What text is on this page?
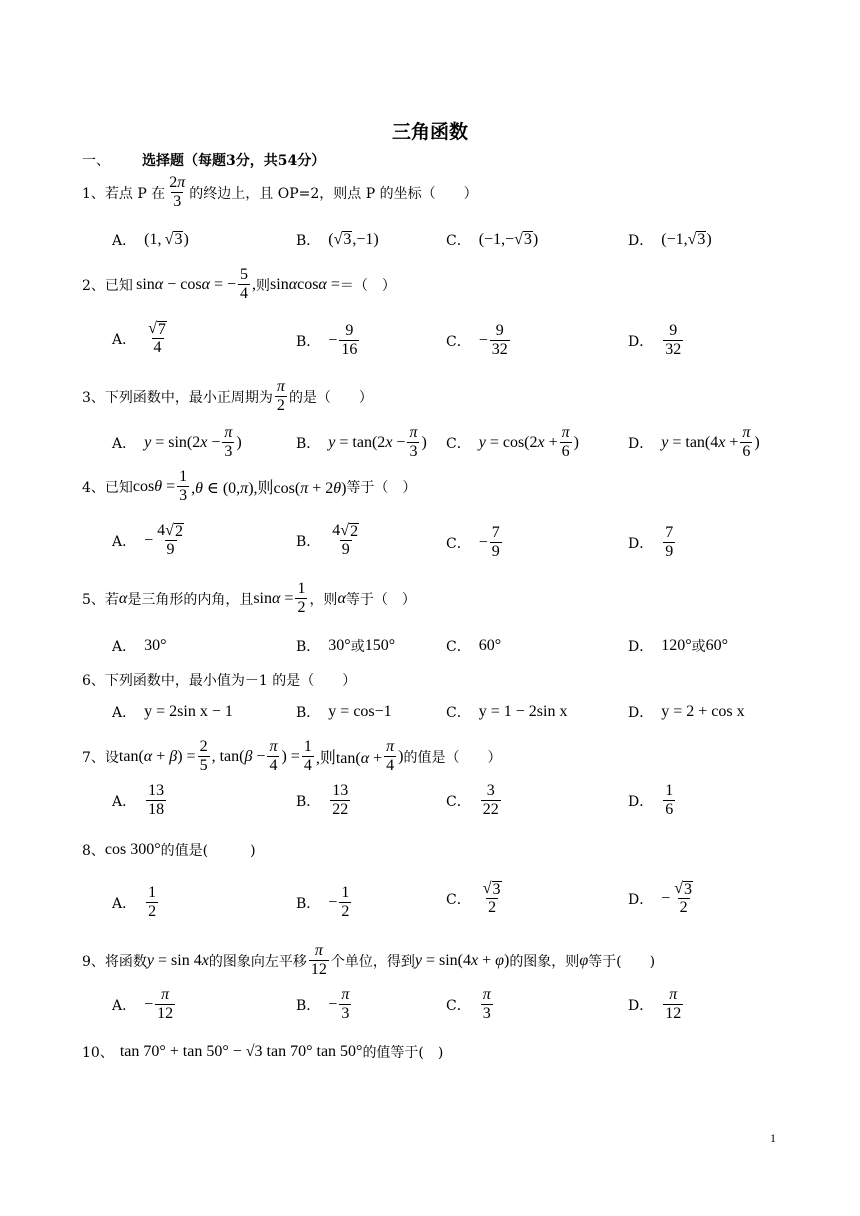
三角函数
一、 选择题（每题3分，共54分）
1、 若点 P 在 $\frac{2\pi}{3}$ 的终边上，且 OP=2，则点 P 的坐标（　　）
A． (1,  √ 3 )	B． ( √ 3 ,−1)	C． (−1,− √ 3 )	D． (−1, √ 3 )
2、 已知  sinα − cosα = − $\frac{5}{4}$ , 则 sinαcosα = ＝（　）
A． $\frac{√ 7}{4}$	B． − $\frac{9}{16}$	C． − $\frac{9}{32}$	D． $\frac{9}{32}$
3、 下列函数中，最小正周期为 $\frac{\pi}{2}$ 的是（　　）
A． $y = \sin(2x - \frac{\pi}{3}$ )	B． $y = \tan(2x - \frac{\pi}{3}$ ) C． $y = \cos(2x + \frac{\pi}{6}$ )	D． $y = \tan(4x + \frac{\pi}{6}$ )
4、 已知 $\cos\theta = \frac{1}{3} ,\theta$ ∈ (0,π),则cos(π + 2θ) 等于（　）
A． − $\frac{4 √ 2}{9}$	B． $\frac{4 √ 2}{9}$	C． − $\frac{7}{9}$	D． $\frac{7}{9}$
5、 若 α 是三角形的内角，且 $\sin\alpha = \frac{1}{2}$ ，则 α 等于（　）
A． 30°	B． 30° 或 150°	C． 60°	D． 120° 或 60°
6、 下列函数中，最小值为－1 的是（　　）
A． y = 2sin x − 1	B． y = cos−1	C． y = 1 − 2sin x	D． y = 2 + cos x
7、 设 $\tan(\alpha + \beta) = \frac{2}{5}$ , $\tan(\beta - \frac{\pi}{4}$ ) = $\frac{1}{4}$ ,则$\tan(\alpha + \frac{\pi}{4}$ ) 的值是（　　）
A． $\frac{13}{18}$	B． $\frac{13}{22}$	C． $\frac{3}{22}$	D． $\frac{1}{6}$
8、 cos 300° 的值是(　　　)
A． $\frac{1}{2}$	B． − $\frac{1}{2}$	C． $\frac{√ 3}{2}$	D． − $\frac{√ 3}{2}$
9、 将函数 y = sin 4x 的图象向左平移 $\frac{\pi}{12}$ 个单位，得到 y = sin(4x + φ) 的图象，则 φ 等于(　　)
A． − $\frac{\pi}{12}$	B． − $\frac{\pi}{3}$	C． $\frac{\pi}{3}$	D． $\frac{\pi}{12}$
10、 tan 70° + tan 50° − √3 tan 70° tan 50° 的值等于(　)
1
